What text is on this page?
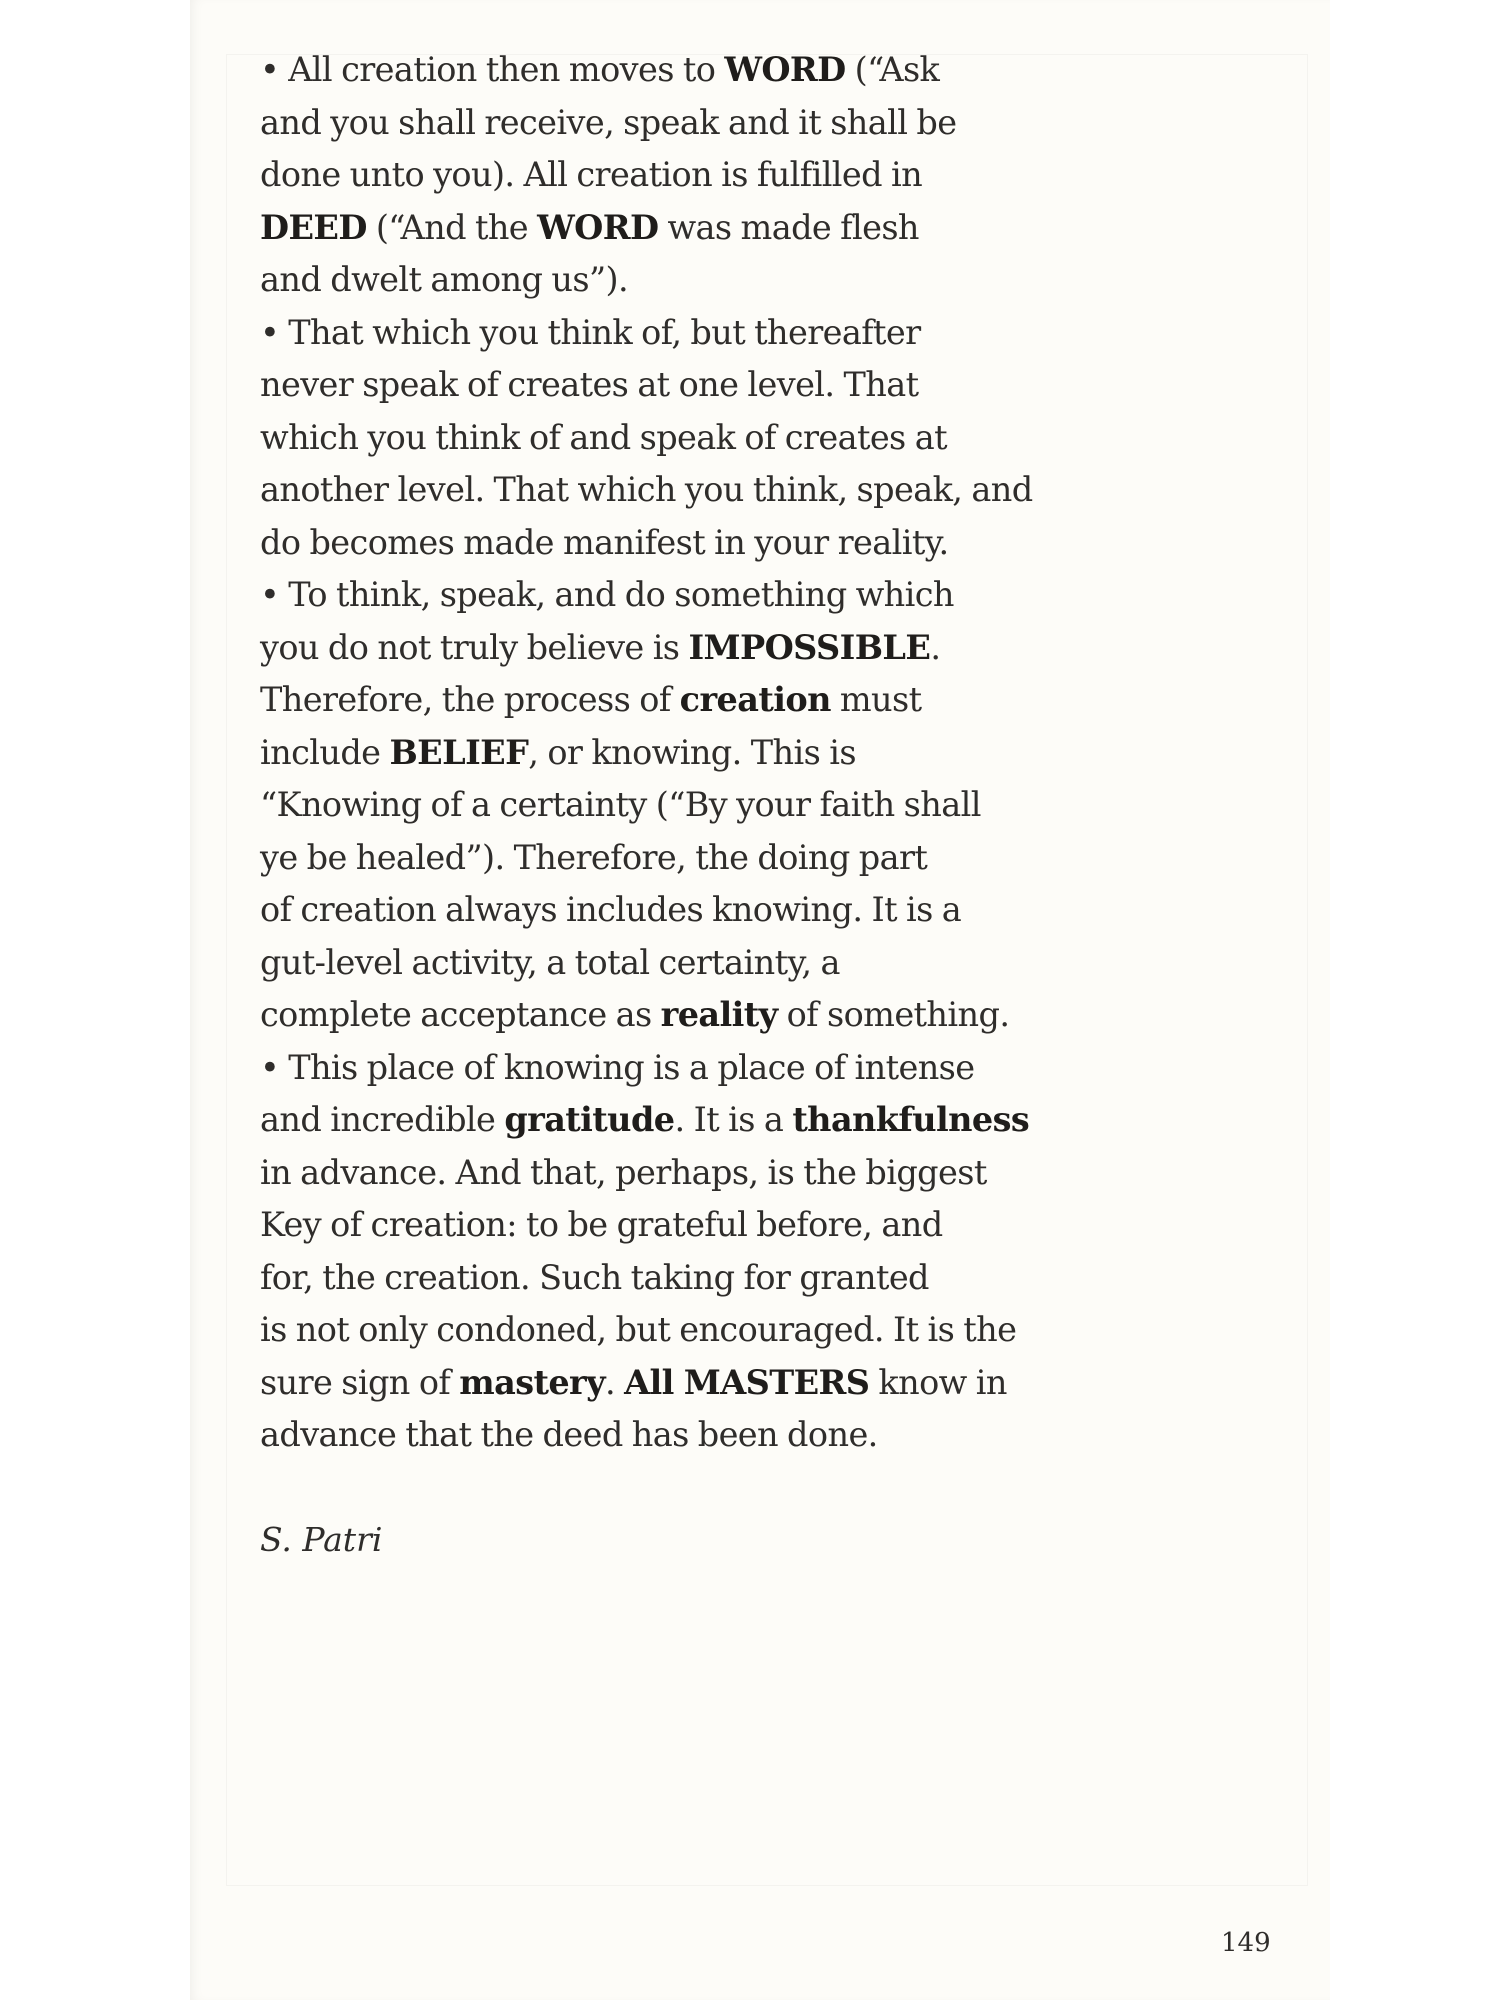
• All creation then moves to WORD (“Ask
and you shall receive, speak and it shall be
done unto you). All creation is fulfilled in
DEED (“And the WORD was made flesh
and dwelt among us”).
• That which you think of, but thereafter
never speak of creates at one level. That
which you think of and speak of creates at
another level. That which you think, speak, and
do becomes made manifest in your reality.
• To think, speak, and do something which
you do not truly believe is IMPOSSIBLE.
Therefore, the process of creation must
include BELIEF, or knowing. This is
“Knowing of a certainty (“By your faith shall
ye be healed”). Therefore, the doing part
of creation always includes knowing. It is a
gut-level activity, a total certainty, a
complete acceptance as reality of something.
• This place of knowing is a place of intense
and incredible gratitude. It is a thankfulness
in advance. And that, perhaps, is the biggest
Key of creation: to be grateful before, and
for, the creation. Such taking for granted
is not only condoned, but encouraged. It is the
sure sign of mastery. All MASTERS know in
advance that the deed has been done.
S. Patri
149
